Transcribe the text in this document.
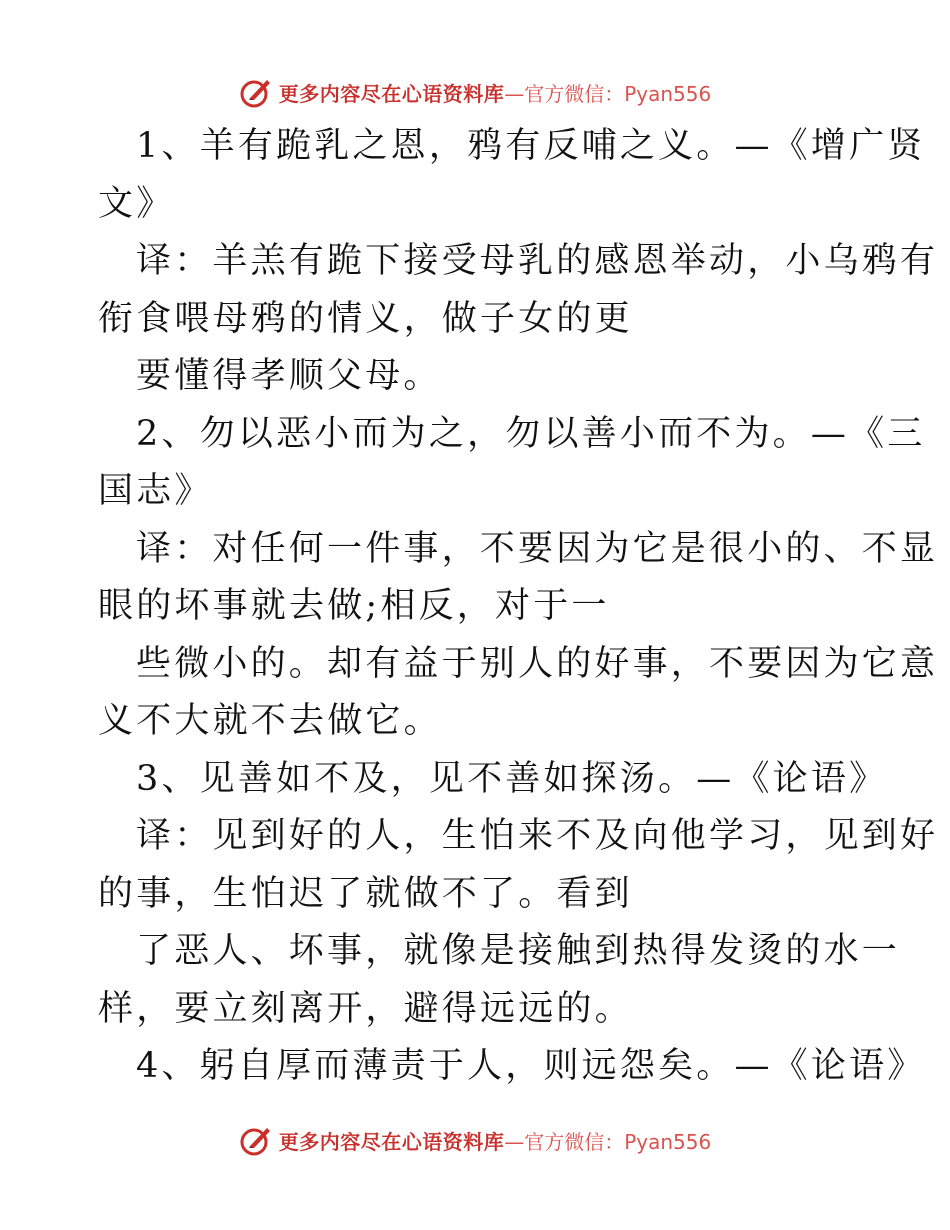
更多内容尽在心语资料库 —官方微信：Pyan556
1、羊有跪乳之恩，鸦有反哺之义。—《增广贤
文》
译：羊羔有跪下接受母乳的感恩举动，小乌鸦有
衔食喂母鸦的情义，做子女的更
要懂得孝顺父母。
2、勿以恶小而为之，勿以善小而不为。—《三
国志》
译：对任何一件事，不要因为它是很小的、不显
眼的坏事就去做;相反，对于一
些微小的。却有益于别人的好事，不要因为它意
义不大就不去做它。
3、见善如不及，见不善如探汤。—《论语》
译：见到好的人，生怕来不及向他学习，见到好
的事，生怕迟了就做不了。看到
了恶人、坏事，就像是接触到热得发烫的水一
样，要立刻离开，避得远远的。
4、躬自厚而薄责于人，则远怨矣。—《论语》
更多内容尽在心语资料库 —官方微信：Pyan556
